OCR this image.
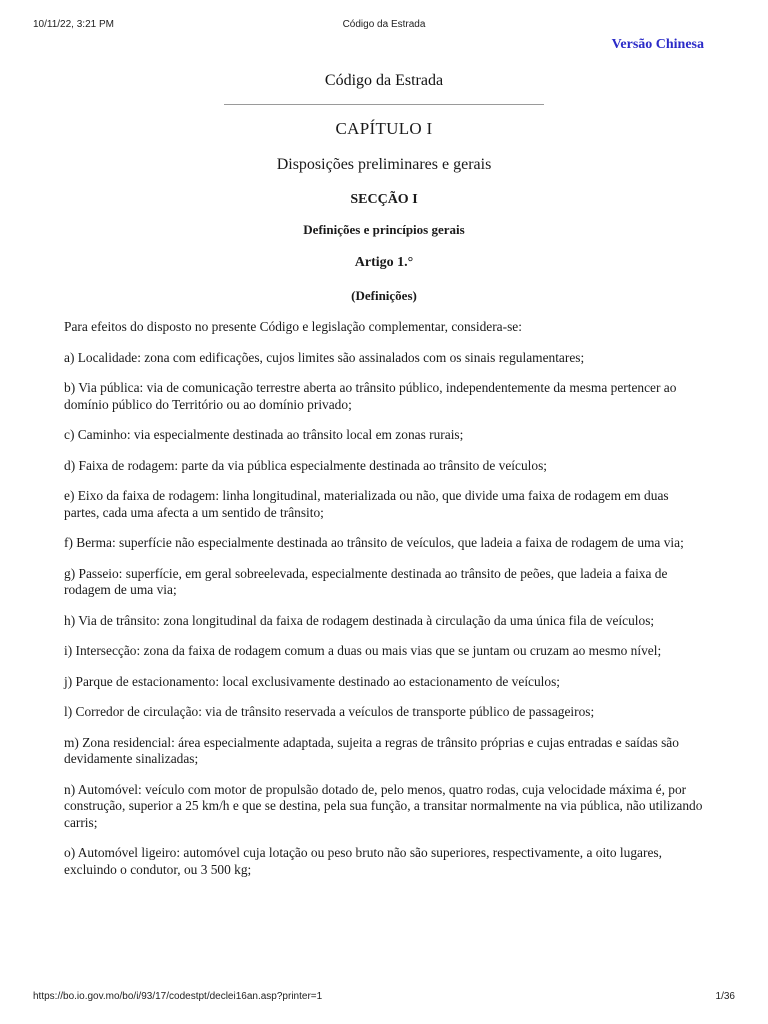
10/11/22, 3:21 PM	Código da Estrada
Versão Chinesa
Código da Estrada
CAPÍTULO I
Disposições preliminares e gerais
SECÇÃO I
Definições e princípios gerais
Artigo 1.°
(Definições)

Para efeitos do disposto no presente Código e legislação complementar, considera-se:

a) Localidade: zona com edificações, cujos limites são assinalados com os sinais regulamentares;

b) Via pública: via de comunicação terrestre aberta ao trânsito público, independentemente da mesma pertencer ao domínio público do Território ou ao domínio privado;

c) Caminho: via especialmente destinada ao trânsito local em zonas rurais;

d) Faixa de rodagem: parte da via pública especialmente destinada ao trânsito de veículos;

e) Eixo da faixa de rodagem: linha longitudinal, materializada ou não, que divide uma faixa de rodagem em duas partes, cada uma afecta a um sentido de trânsito;

f) Berma: superfície não especialmente destinada ao trânsito de veículos, que ladeia a faixa de rodagem de uma via;

g) Passeio: superfície, em geral sobreelevada, especialmente destinada ao trânsito de peões, que ladeia a faixa de rodagem de uma via;

h) Via de trânsito: zona longitudinal da faixa de rodagem destinada à circulação da uma única fila de veículos;

i) Intersecção: zona da faixa de rodagem comum a duas ou mais vias que se juntam ou cruzam ao mesmo nível;

j) Parque de estacionamento: local exclusivamente destinado ao estacionamento de veículos;

l) Corredor de circulação: via de trânsito reservada a veículos de transporte público de passageiros;

m) Zona residencial: área especialmente adaptada, sujeita a regras de trânsito próprias e cujas entradas e saídas são devidamente sinalizadas;

n) Automóvel: veículo com motor de propulsão dotado de, pelo menos, quatro rodas, cuja velocidade máxima é, por construção, superior a 25 km/h e que se destina, pela sua função, a transitar normalmente na via pública, não utilizando carris;

o) Automóvel ligeiro: automóvel cuja lotação ou peso bruto não são superiores, respectivamente, a oito lugares, excluindo o condutor, ou 3 500 kg;

https://bo.io.gov.mo/bo/i/93/17/codestpt/declei16an.asp?printer=1	1/36
